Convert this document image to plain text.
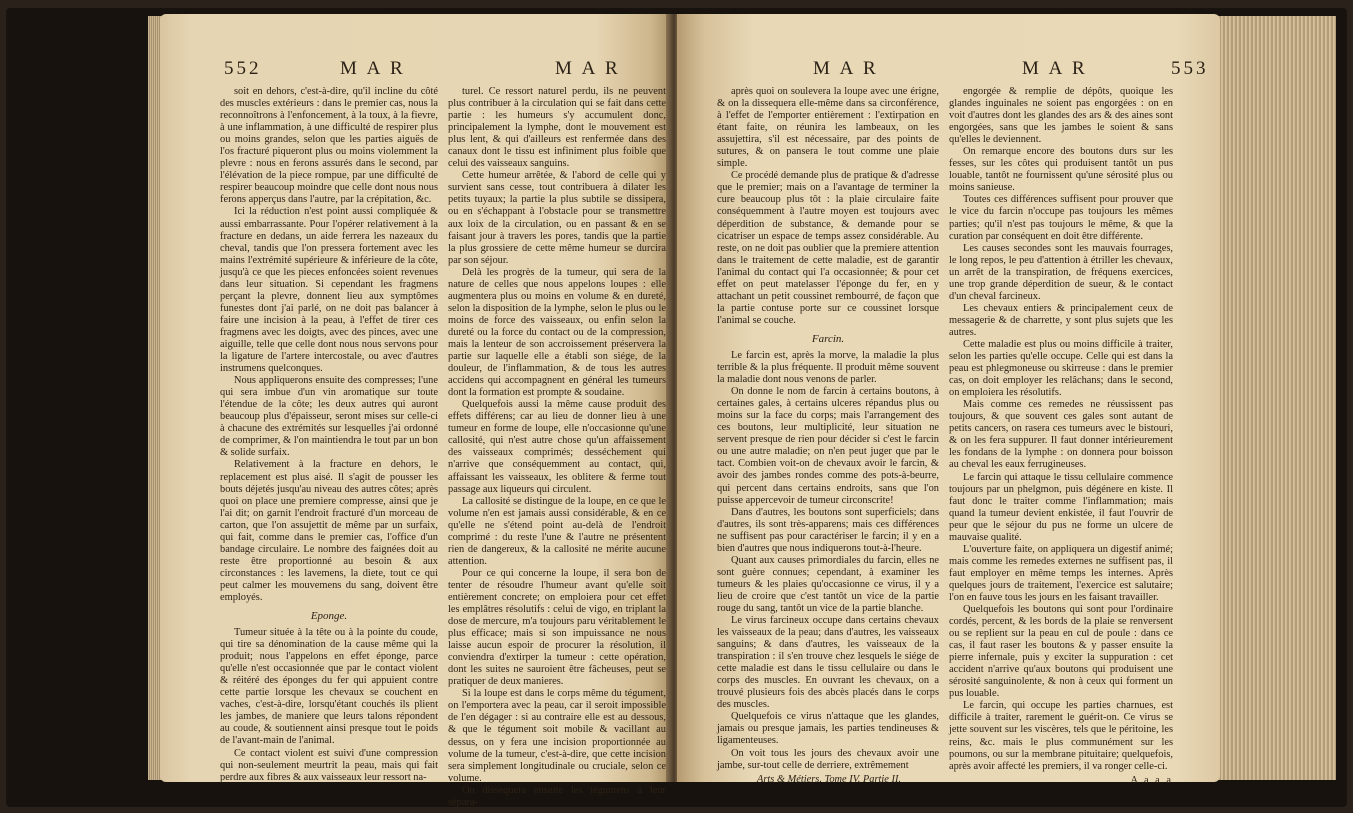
552	M A R	M A R

soit en dehors, c'est-à-dire, qu'il incline du côté des muscles extérieurs : dans le premier cas, nous la reconnoîtrons à l'enfoncement, à la toux, à la fievre, à une inflammation, à une difficulté de respirer plus ou moins grandes, selon que les parties aiguës de l'os fracturé piqueront plus ou moins violemment la plevre : nous en ferons assurés dans le second, par l'élévation de la piece rompue, par une difficulté de respirer beaucoup moindre que celle dont nous nous ferons apperçus dans l'autre, par la crépitation, &c.

Ici la réduction n'est point aussi compliquée & aussi embarrassante. Pour l'opérer relativement à la fracture en dedans, un aide ferrera les nazeaux du cheval, tandis que l'on pressera fortement avec les mains l'extrémité supérieure & inférieure de la côte, jusqu'à ce que les pieces enfoncées soient revenues dans leur situation. Si cependant les fragmens perçant la plevre, donnent lieu aux symptômes funestes dont j'ai parlé, on ne doit pas balancer à faire une incision à la peau, à l'effet de tirer ces fragmens avec les doigts, avec des pinces, avec une aiguille, telle que celle dont nous nous servons pour la ligature de l'artere intercostale, ou avec d'autres instrumens quelconques.

Nous appliquerons ensuite des compresses; l'une qui sera imbue d'un vin aromatique sur toute l'étendue de la côte; les deux autres qui auront beaucoup plus d'épaisseur, seront mises sur celle-ci à chacune des extrémités sur lesquelles j'ai ordonné de comprimer, & l'on maintiendra le tout par un bon & solide surfaix.

Relativement à la fracture en dehors, le replacement est plus aisé. Il s'agit de pousser les bouts déjetés jusqu'au niveau des autres côtes; après quoi on place une premiere compresse, ainsi que je l'ai dit; on garnit l'endroit fracturé d'un morceau de carton, que l'on assujettit de même par un surfaix, qui fait, comme dans le premier cas, l'office d'un bandage circulaire. Le nombre des faignées doit au reste être proportionné au besoin & aux circonstances : les lavemens, la diete, tout ce qui peut calmer les mouvemens du sang, doivent être employés.

Eponge.

Tumeur située à la tête ou à la pointe du coude, qui tire sa dénomination de la cause même qui la produit; nous l'appelons en effet éponge, parce qu'elle n'est occasionnée que par le contact violent & réitéré des éponges du fer qui appuient contre cette partie lorsque les chevaux se couchent en vaches, c'est-à-dire, lorsqu'étant couchés ils plient les jambes, de maniere que leurs talons répondent au coude, & soutiennent ainsi presque tout le poids de l'avant-main de l'animal.

Ce contact violent est suivi d'une compression qui non-seulement meurtrit la peau, mais qui fait perdre aux fibres & aux vaisseaux leur ressort na-

turel. Ce ressort naturel perdu, ils ne peuvent plus contribuer à la circulation qui se fait dans cette partie : les humeurs s'y accumulent donc, principalement la lymphe, dont le mouvement est plus lent, & qui d'ailleurs est renfermée dans des canaux dont le tissu est infiniment plus foible que celui des vaisseaux sanguins.

Cette humeur arrêtée, & l'abord de celle qui y survient sans cesse, tout contribuera à dilater les petits tuyaux; la partie la plus subtile se dissipera, ou en s'échappant à l'obstacle pour se transmettre aux loix de la circulation, ou en passant & en se faisant jour à travers les pores, tandis que la partie la plus grossiere de cette même humeur se durcira par son séjour.

Delà les progrès de la tumeur, qui sera de la nature de celles que nous appelons loupes : elle augmentera plus ou moins en volume & en dureté, selon la disposition de la lymphe, selon le plus ou le moins de force des vaisseaux, ou enfin selon la dureté ou la force du contact ou de la compression, mais la lenteur de son accroissement préservera la partie sur laquelle elle a établi son siége, de la douleur, de l'inflammation, & de tous les autres accidens qui accompagnent en général les tumeurs dont la formation est prompte & soudaine.

Quelquefois aussi la même cause produit des effets différens; car au lieu de donner lieu à une tumeur en forme de loupe, elle n'occasionne qu'une callosité, qui n'est autre chose qu'un affaissement des vaisseaux comprimés; desséchement qui n'arrive que conséquemment au contact, qui, affaissant les vaisseaux, les oblitere & ferme tout passage aux liqueurs qui circulent.

La callosité se distingue de la loupe, en ce que le volume n'en est jamais aussi considérable, & en ce qu'elle ne s'étend point au-delà de l'endroit comprimé : du reste l'une & l'autre ne présentent rien de dangereux, & la callosité ne mérite aucune attention.

Pour ce qui concerne la loupe, il sera bon de tenter de résoudre l'humeur avant qu'elle soit entièrement concrete; on emploiera pour cet effet les emplâtres résolutifs : celui de vigo, en triplant la dose de mercure, m'a toujours paru véritablement le plus efficace; mais si son impuissance ne nous laisse aucun espoir de procurer la résolution, il conviendra d'extirper la tumeur : cette opération, dont les suites ne sauroient être fâcheuses, peut se pratiquer de deux manieres.

Si la loupe est dans le corps même du tégument, on l'emportera avec la peau, car il seroit impossible de l'en dégager : si au contraire elle est au dessous, & que le tégument soit mobile & vacillant au dessus, on y fera une incision proportionnée au volume de la tumeur, c'est-à-dire, que cette incision sera simplement longitudinale ou cruciale, selon ce volume.

On dissequera ensuite les tégumens à leur sépara-

M A R	M A R	553

après quoi on soulevera la loupe avec une érigne, & on la dissequera elle-même dans sa circonférence, à l'effet de l'emporter entièrement : l'extirpation en étant faite, on réunira les lambeaux, on les assujettira, s'il est nécessaire, par des points de sutures, & on pansera le tout comme une plaie simple.

Ce procédé demande plus de pratique & d'adresse que le premier; mais on a l'avantage de terminer la cure beaucoup plus tôt : la plaie circulaire faite conséquemment à l'autre moyen est toujours avec déperdition de substance, & demande pour se cicatriser un espace de temps assez considérable. Au reste, on ne doit pas oublier que la premiere attention dans le traitement de cette maladie, est de garantir l'animal du contact qui l'a occasionnée; & pour cet effet on peut matelasser l'éponge du fer, en y attachant un petit coussinet rembourré, de façon que la partie contuse porte sur ce coussinet lorsque l'animal se couche.

Farcin.

Le farcin est, après la morve, la maladie la plus terrible & la plus fréquente. Il produit même souvent la maladie dont nous venons de parler.

On donne le nom de farcin à certains boutons, à certaines gales, à certains ulceres répandus plus ou moins sur la face du corps; mais l'arrangement des ces boutons, leur multiplicité, leur situation ne servent presque de rien pour décider si c'est le farcin ou une autre maladie; on n'en peut juger que par le tact. Combien voit-on de chevaux avoir le farcin, & avoir des jambes rondes comme des pots-à-beurre, qui percent dans certains endroits, sans que l'on puisse appercevoir de tumeur circonscrite!

Dans d'autres, les boutons sont superficiels; dans d'autres, ils sont très-apparens; mais ces différences ne suffisent pas pour caractériser le farcin; il y en a bien d'autres que nous indiquerons tout-à-l'heure.

Quant aux causes primordiales du farcin, elles ne sont guère connues; cependant, à examiner les tumeurs & les plaies qu'occasionne ce virus, il y a lieu de croire que c'est tantôt un vice de la partie rouge du sang, tantôt un vice de la partie blanche.

Le virus farcineux occupe dans certains chevaux les vaisseaux de la peau; dans d'autres, les vaisseaux sanguins; & dans d'autres, les vaisseaux de la transpiration : il s'en trouve chez lesquels le siége de cette maladie est dans le tissu cellulaire ou dans le corps des muscles. En ouvrant les chevaux, on a trouvé plusieurs fois des abcès placés dans le corps des muscles.

Quelquefois ce virus n'attaque que les glandes, jamais ou presque jamais, les parties tendineuses & ligamenteuses.

On voit tous les jours des chevaux avoir une jambe, sur-tout celle de derriere, extrêmement

Arts & Métiers. Tome IV. Partie II.

engorgée & remplie de dépôts, quoique les glandes inguinales ne soient pas engorgées : on en voit d'autres dont les glandes des ars & des aines sont engorgées, sans que les jambes le soient & sans qu'elles le deviennent.

On remarque encore des boutons durs sur les fesses, sur les côtes qui produisent tantôt un pus louable, tantôt ne fournissent qu'une sérosité plus ou moins sanieuse.

Toutes ces différences suffisent pour prouver que le vice du farcin n'occupe pas toujours les mêmes parties; qu'il n'est pas toujours le même, & que la curation par conséquent en doit être différente.

Les causes secondes sont les mauvais fourrages, le long repos, le peu d'attention à étriller les chevaux, un arrêt de la transpiration, de fréquens exercices, une trop grande déperdition de sueur, & le contact d'un cheval farcineux.

Les chevaux entiers & principalement ceux de messagerie & de charrette, y sont plus sujets que les autres.

Cette maladie est plus ou moins difficile à traiter, selon les parties qu'elle occupe. Celle qui est dans la peau est phlegmoneuse ou skirreuse : dans le premier cas, on doit employer les relâchans; dans le second, on emploiera les résolutifs.

Mais comme ces remedes ne réussissent pas toujours, & que souvent ces gales sont autant de petits cancers, on rasera ces tumeurs avec le bistouri, & on les fera suppurer. Il faut donner intérieurement les fondans de la lymphe : on donnera pour boisson au cheval les eaux ferrugineuses.

Le farcin qui attaque le tissu cellulaire commence toujours par un phelgmon, puis dégénere en kiste. Il faut donc le traiter comme l'inflammation; mais quand la tumeur devient enkistée, il faut l'ouvrir de peur que le séjour du pus ne forme un ulcere de mauvaise qualité.

L'ouverture faite, on appliquera un digestif animé; mais comme les remedes externes ne suffisent pas, il faut employer en même temps les internes. Après quelques jours de traitement, l'exercice est salutaire; l'on en fauve tous les jours en les faisant travailler.

Quelquefois les boutons qui sont pour l'ordinaire cordés, percent, & les bords de la plaie se renversent ou se replient sur la peau en cul de poule : dans ce cas, il faut raser les boutons & y passer ensuite la pierre infernale, puis y exciter la suppuration : cet accident n'arrive qu'aux boutons qui produisent une sérosité sanguinolente, & non à ceux qui forment un pus louable.

Le farcin, qui occupe les parties charnues, est difficile à traiter, rarement le guérit-on. Ce virus se jette souvent sur les viscères, tels que le péritoine, les reins, &c. mais le plus communément sur les poumons, ou sur la membrane pituitaire; quelquefois, après avoir affecté les premiers, il va ronger celle-ci.

A a a a
